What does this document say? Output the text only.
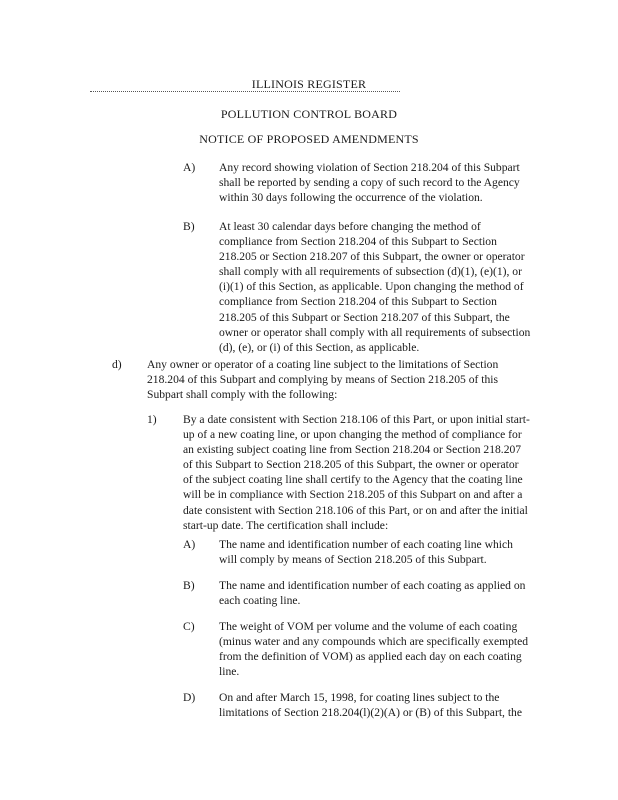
ILLINOIS REGISTER
POLLUTION CONTROL BOARD
NOTICE OF PROPOSED AMENDMENTS
A) Any record showing violation of Section 218.204 of this Subpart
shall be reported by sending a copy of such record to the Agency
within 30 days following the occurrence of the violation.
B) At least 30 calendar days before changing the method of
compliance from Section 218.204 of this Subpart to Section
218.205 or Section 218.207 of this Subpart, the owner or operator
shall comply with all requirements of subsection (d)(1), (e)(1), or
(i)(1) of this Section, as applicable. Upon changing the method of
compliance from Section 218.204 of this Subpart to Section
218.205 of this Subpart or Section 218.207 of this Subpart, the
owner or operator shall comply with all requirements of subsection
(d), (e), or (i) of this Section, as applicable.
d) Any owner or operator of a coating line subject to the limitations of Section
218.204 of this Subpart and complying by means of Section 218.205 of this
Subpart shall comply with the following:
1) By a date consistent with Section 218.106 of this Part, or upon initial start-
up of a new coating line, or upon changing the method of compliance for
an existing subject coating line from Section 218.204 or Section 218.207
of this Subpart to Section 218.205 of this Subpart, the owner or operator
of the subject coating line shall certify to the Agency that the coating line
will be in compliance with Section 218.205 of this Subpart on and after a
date consistent with Section 218.106 of this Part, or on and after the initial
start-up date. The certification shall include:
A) The name and identification number of each coating line which
will comply by means of Section 218.205 of this Subpart.
B) The name and identification number of each coating as applied on
each coating line.
C) The weight of VOM per volume and the volume of each coating
(minus water and any compounds which are specifically exempted
from the definition of VOM) as applied each day on each coating
line.
D) On and after March 15, 1998, for coating lines subject to the
limitations of Section 218.204(l)(2)(A) or (B) of this Subpart, the
